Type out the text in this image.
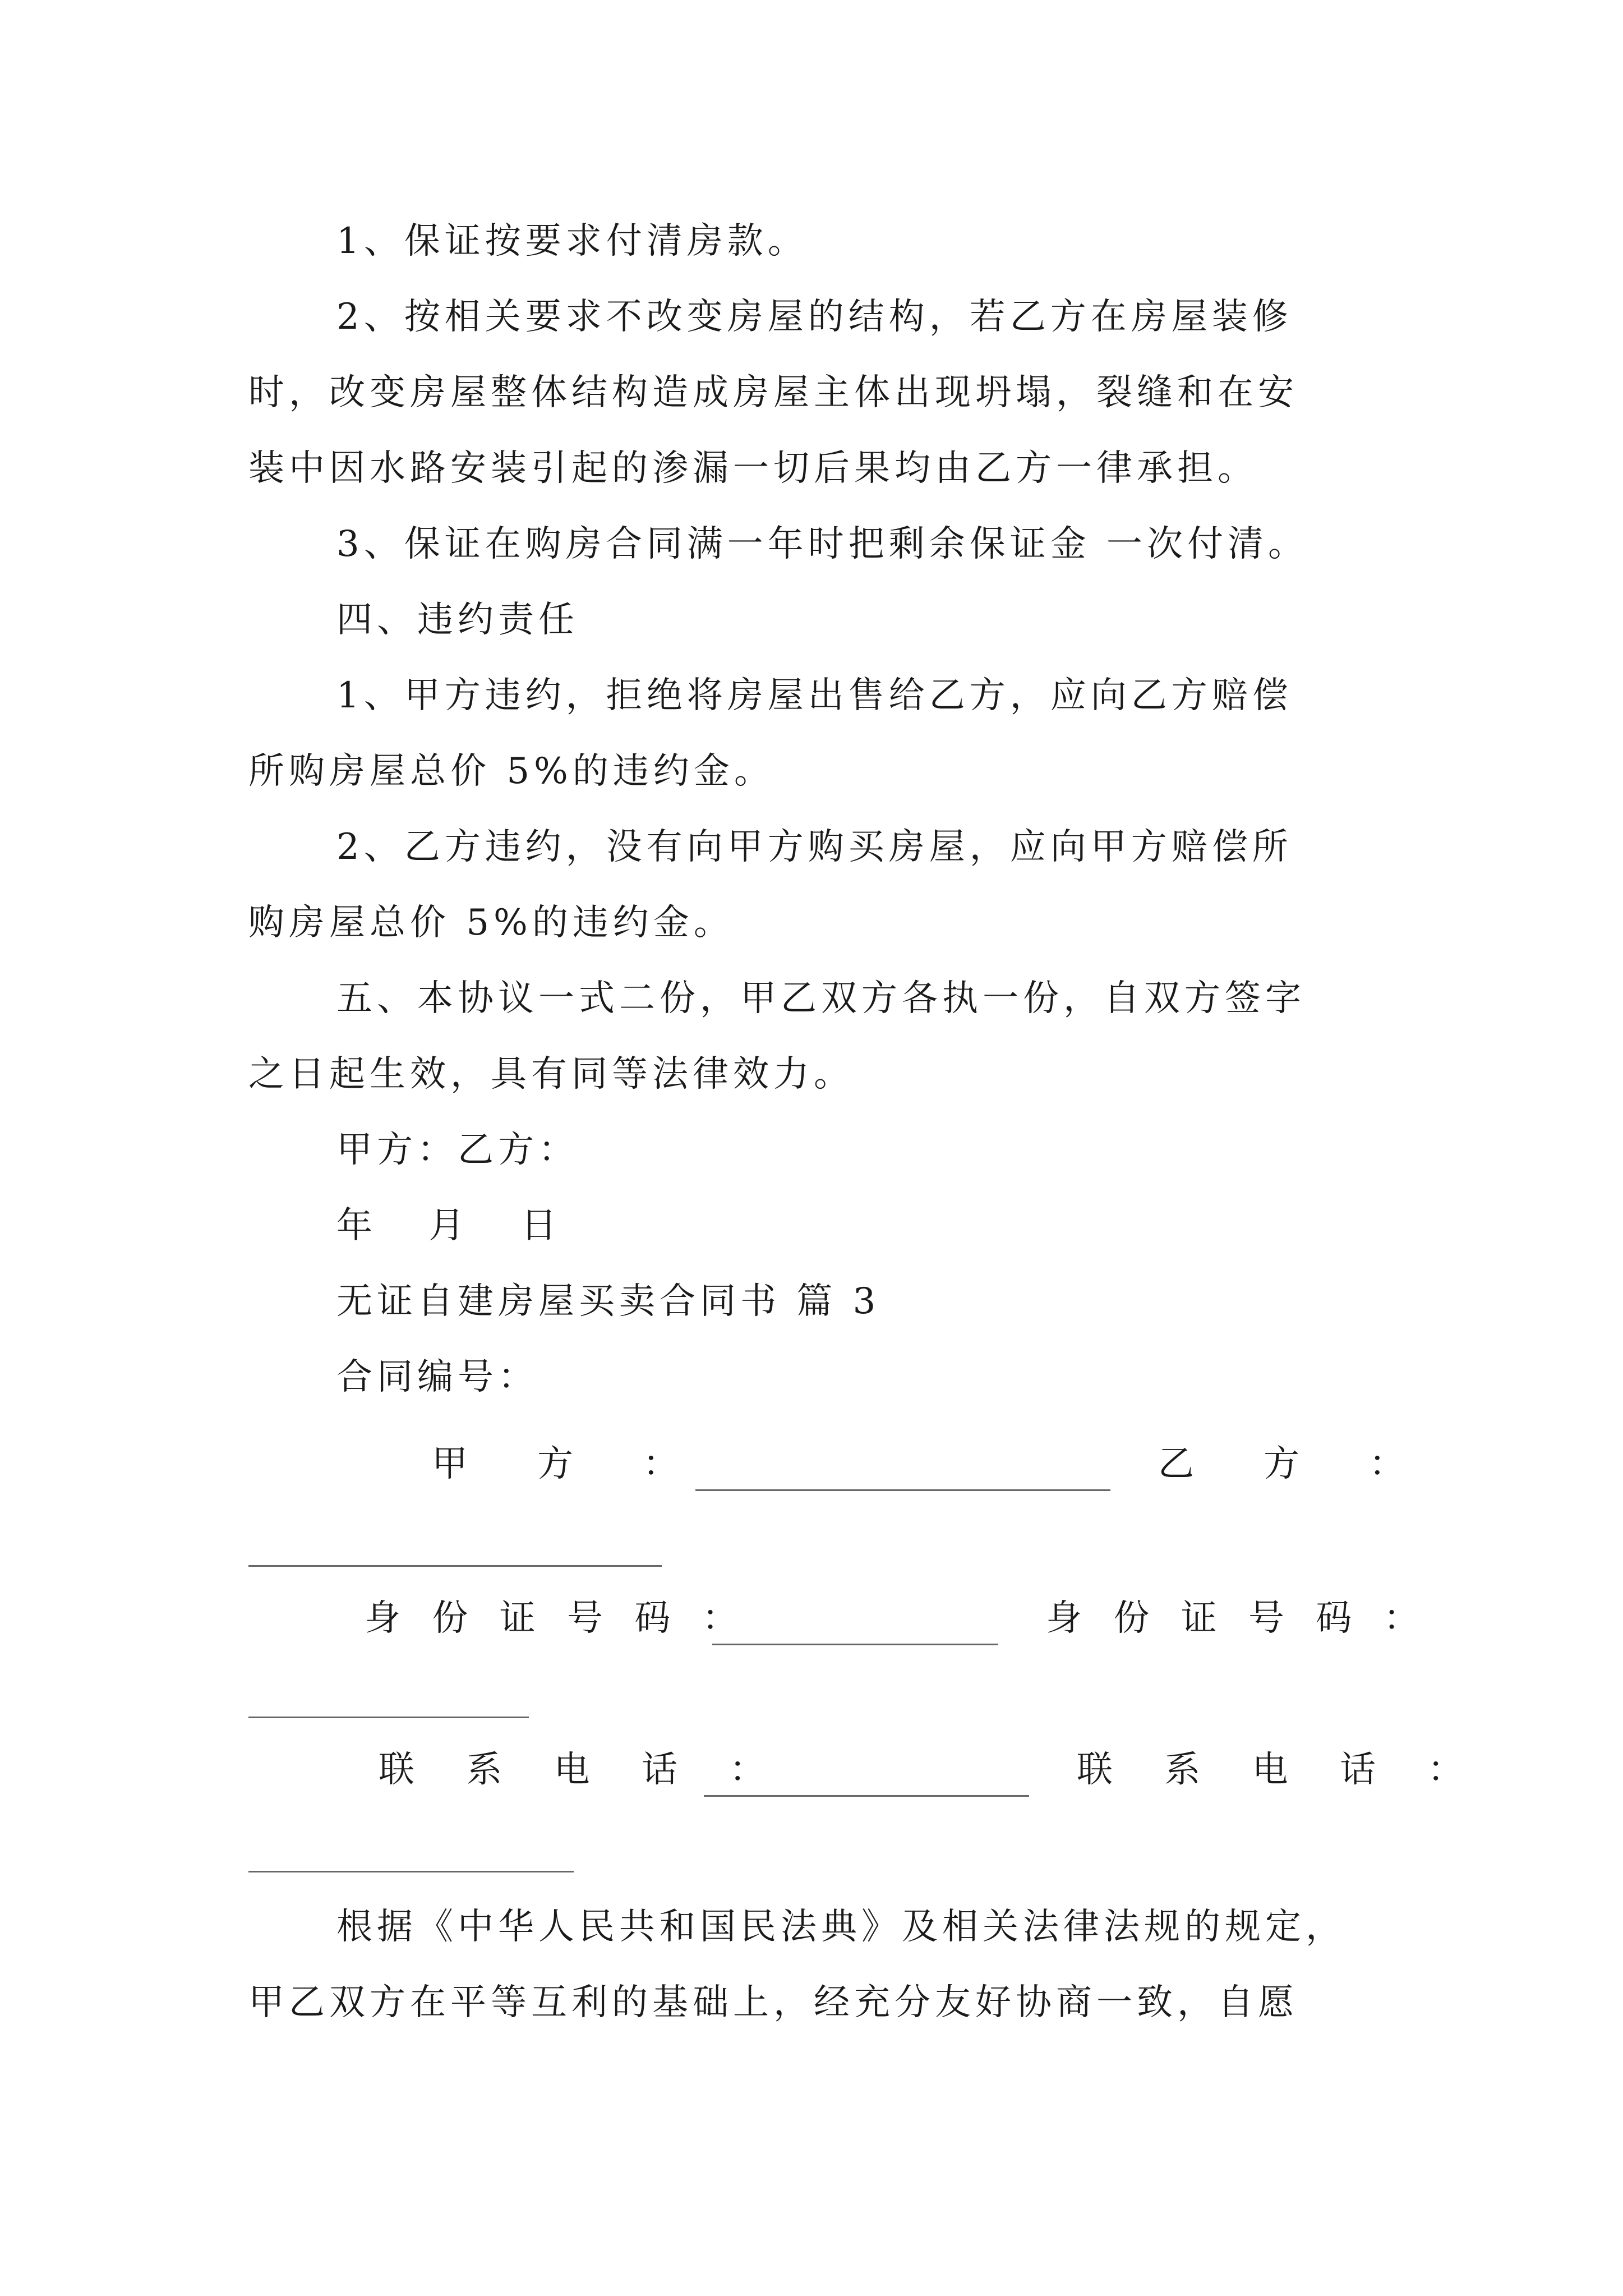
1、保证按要求付清房款。
2、按相关要求不改变房屋的结构，若乙方在房屋装修
时，改变房屋整体结构造成房屋主体出现坍塌，裂缝和在安
装中因水路安装引起的渗漏一切后果均由乙方一律承担。
3、保证在购房合同满一年时把剩余保证金 一次付清。
四、违约责任
1、甲方违约，拒绝将房屋出售给乙方，应向乙方赔偿
所购房屋总价 5%的违约金。
2、乙方违约，没有向甲方购买房屋，应向甲方赔偿所
购房屋总价 5%的违约金。
五、本协议一式二份，甲乙双方各执一份，自双方签字
之日起生效，具有同等法律效力。
甲方：乙方：
年 月 日
无证自建房屋买卖合同书 篇 3
合同编号：
甲　方　：	乙　方　：
身 份 证 号 码 ：	身 份 证 号 码 ：
联 系 电 话 ：	联 系 电 话 ：
根据《中华人民共和国民法典》及相关法律法规的规定，
甲乙双方在平等互利的基础上，经充分友好协商一致，自愿
